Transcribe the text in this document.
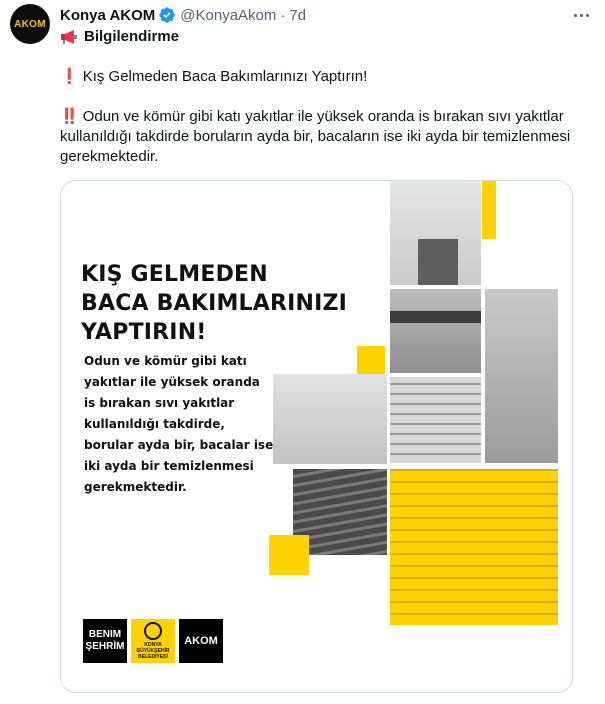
AKOM
Konya AKOM @KonyaAkom · 7d
Bilgilendirme
❗ Kış Gelmeden Baca Bakımlarınızı Yaptırın!
‼️ Odun ve kömür gibi katı yakıtlar ile yüksek oranda is bırakan sıvı yakıtlar kullanıldığı takdirde boruların ayda bir, bacaların ise iki ayda bir temizlenmesi gerekmektedir.
KIŞ GELMEDEN
BACA BAKIMLARINIZI
YAPTIRIN!
Odun ve kömür gibi katı yakıtlar ile yüksek oranda is bırakan sıvı yakıtlar kullanıldığı takdirde, borular ayda bir, bacalar ise iki ayda bir temizlenmesi gerekmektedir.
BENIM
ŞEHRİM	KONYA
BÜYÜKŞEHİR
BELEDİYESİ
AKOM
